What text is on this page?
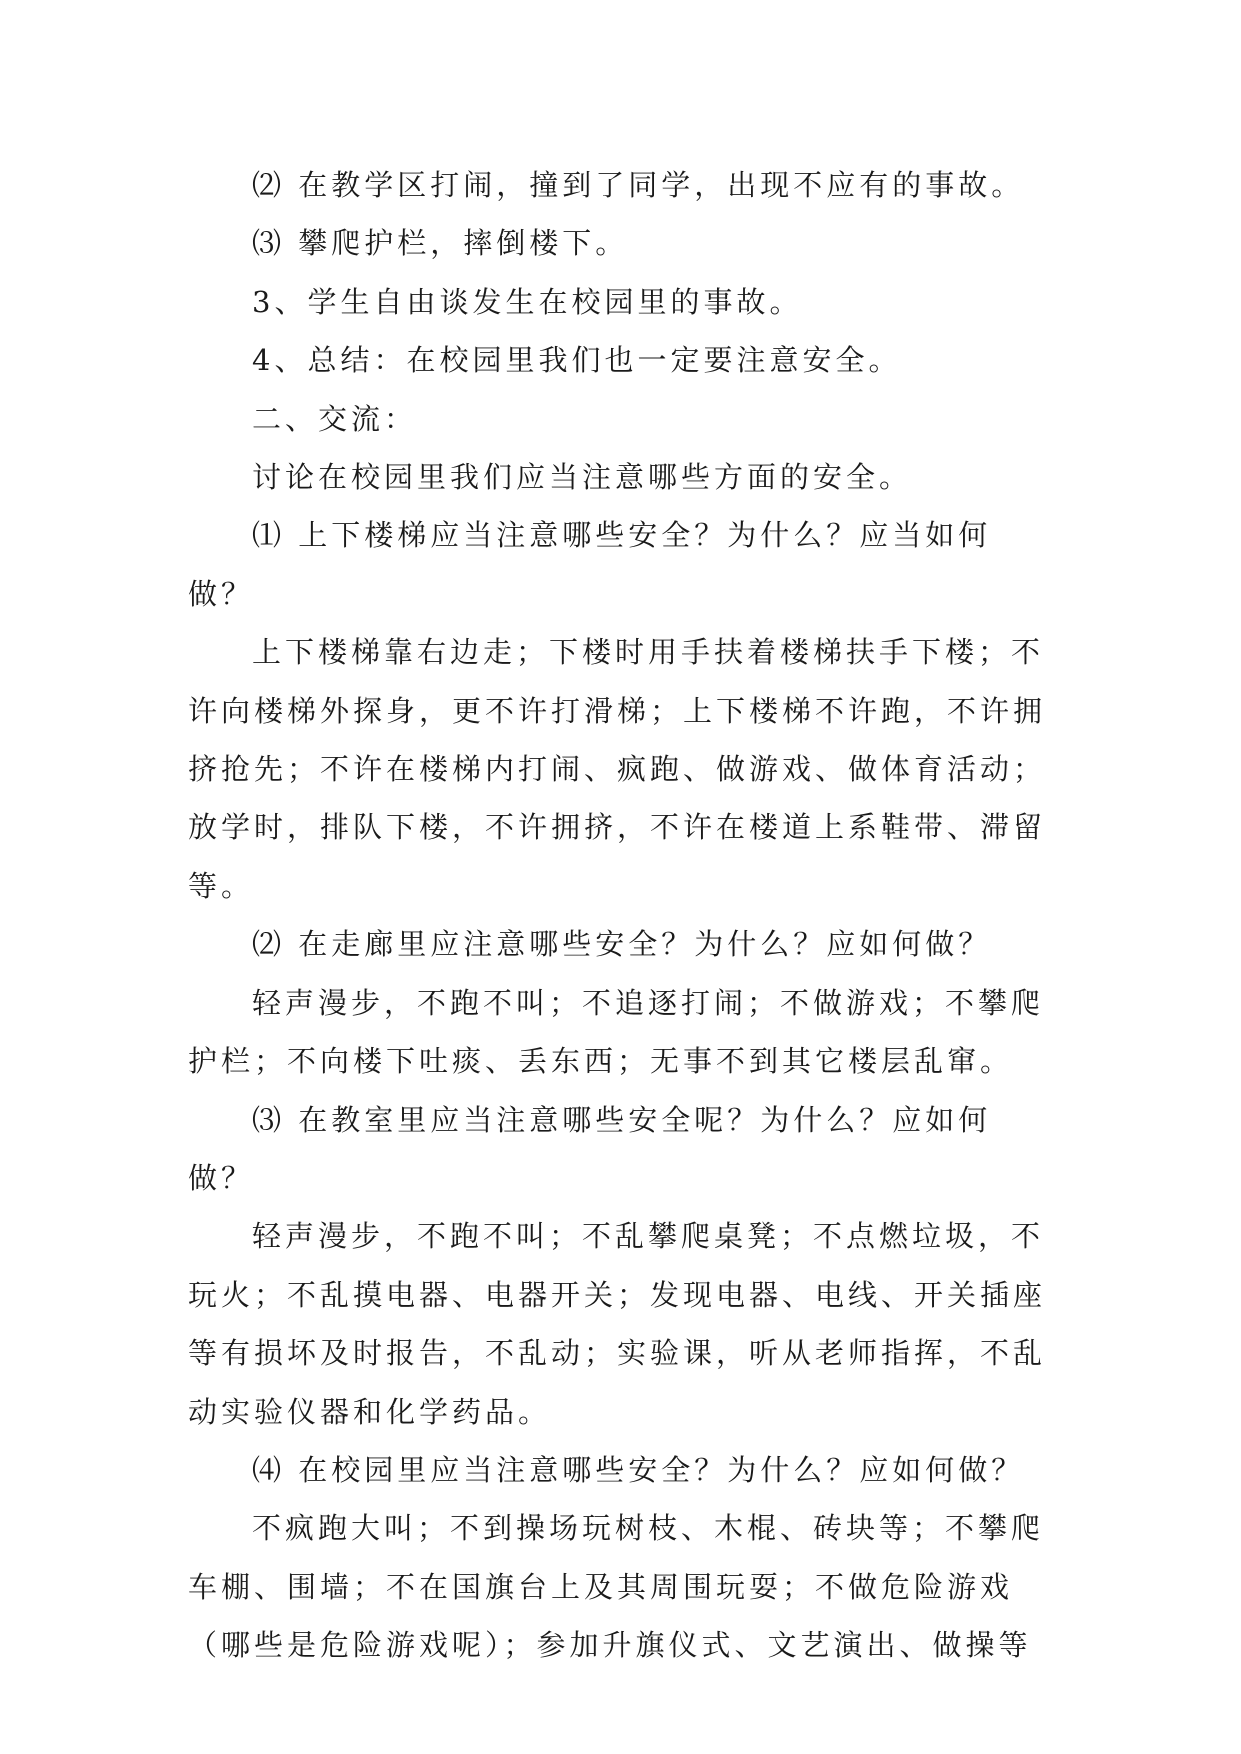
⑵ 在教学区打闹，撞到了同学，出现不应有的事故。

⑶ 攀爬护栏，摔倒楼下。

3、学生自由谈发生在校园里的事故。

4、总结：在校园里我们也一定要注意安全。

二、交流：

讨论在校园里我们应当注意哪些方面的安全。

⑴ 上下楼梯应当注意哪些安全？为什么？应当如何做？

上下楼梯靠右边走；下楼时用手扶着楼梯扶手下楼；不许向楼梯外探身，更不许打滑梯；上下楼梯不许跑，不许拥挤抢先；不许在楼梯内打闹、疯跑、做游戏、做体育活动；放学时，排队下楼，不许拥挤，不许在楼道上系鞋带、滞留等。

⑵ 在走廊里应注意哪些安全？为什么？应如何做？

轻声漫步，不跑不叫；不追逐打闹；不做游戏；不攀爬护栏；不向楼下吐痰、丢东西；无事不到其它楼层乱窜。

⑶ 在教室里应当注意哪些安全呢？为什么？应如何做？

轻声漫步，不跑不叫；不乱攀爬桌凳；不点燃垃圾，不玩火；不乱摸电器、电器开关；发现电器、电线、开关插座等有损坏及时报告，不乱动；实验课，听从老师指挥，不乱动实验仪器和化学药品。

⑷ 在校园里应当注意哪些安全？为什么？应如何做？

不疯跑大叫；不到操场玩树枝、木棍、砖块等；不攀爬车棚、围墙；不在国旗台上及其周围玩耍；不做危险游戏（哪些是危险游戏呢）；参加升旗仪式、文艺演出、做操等
